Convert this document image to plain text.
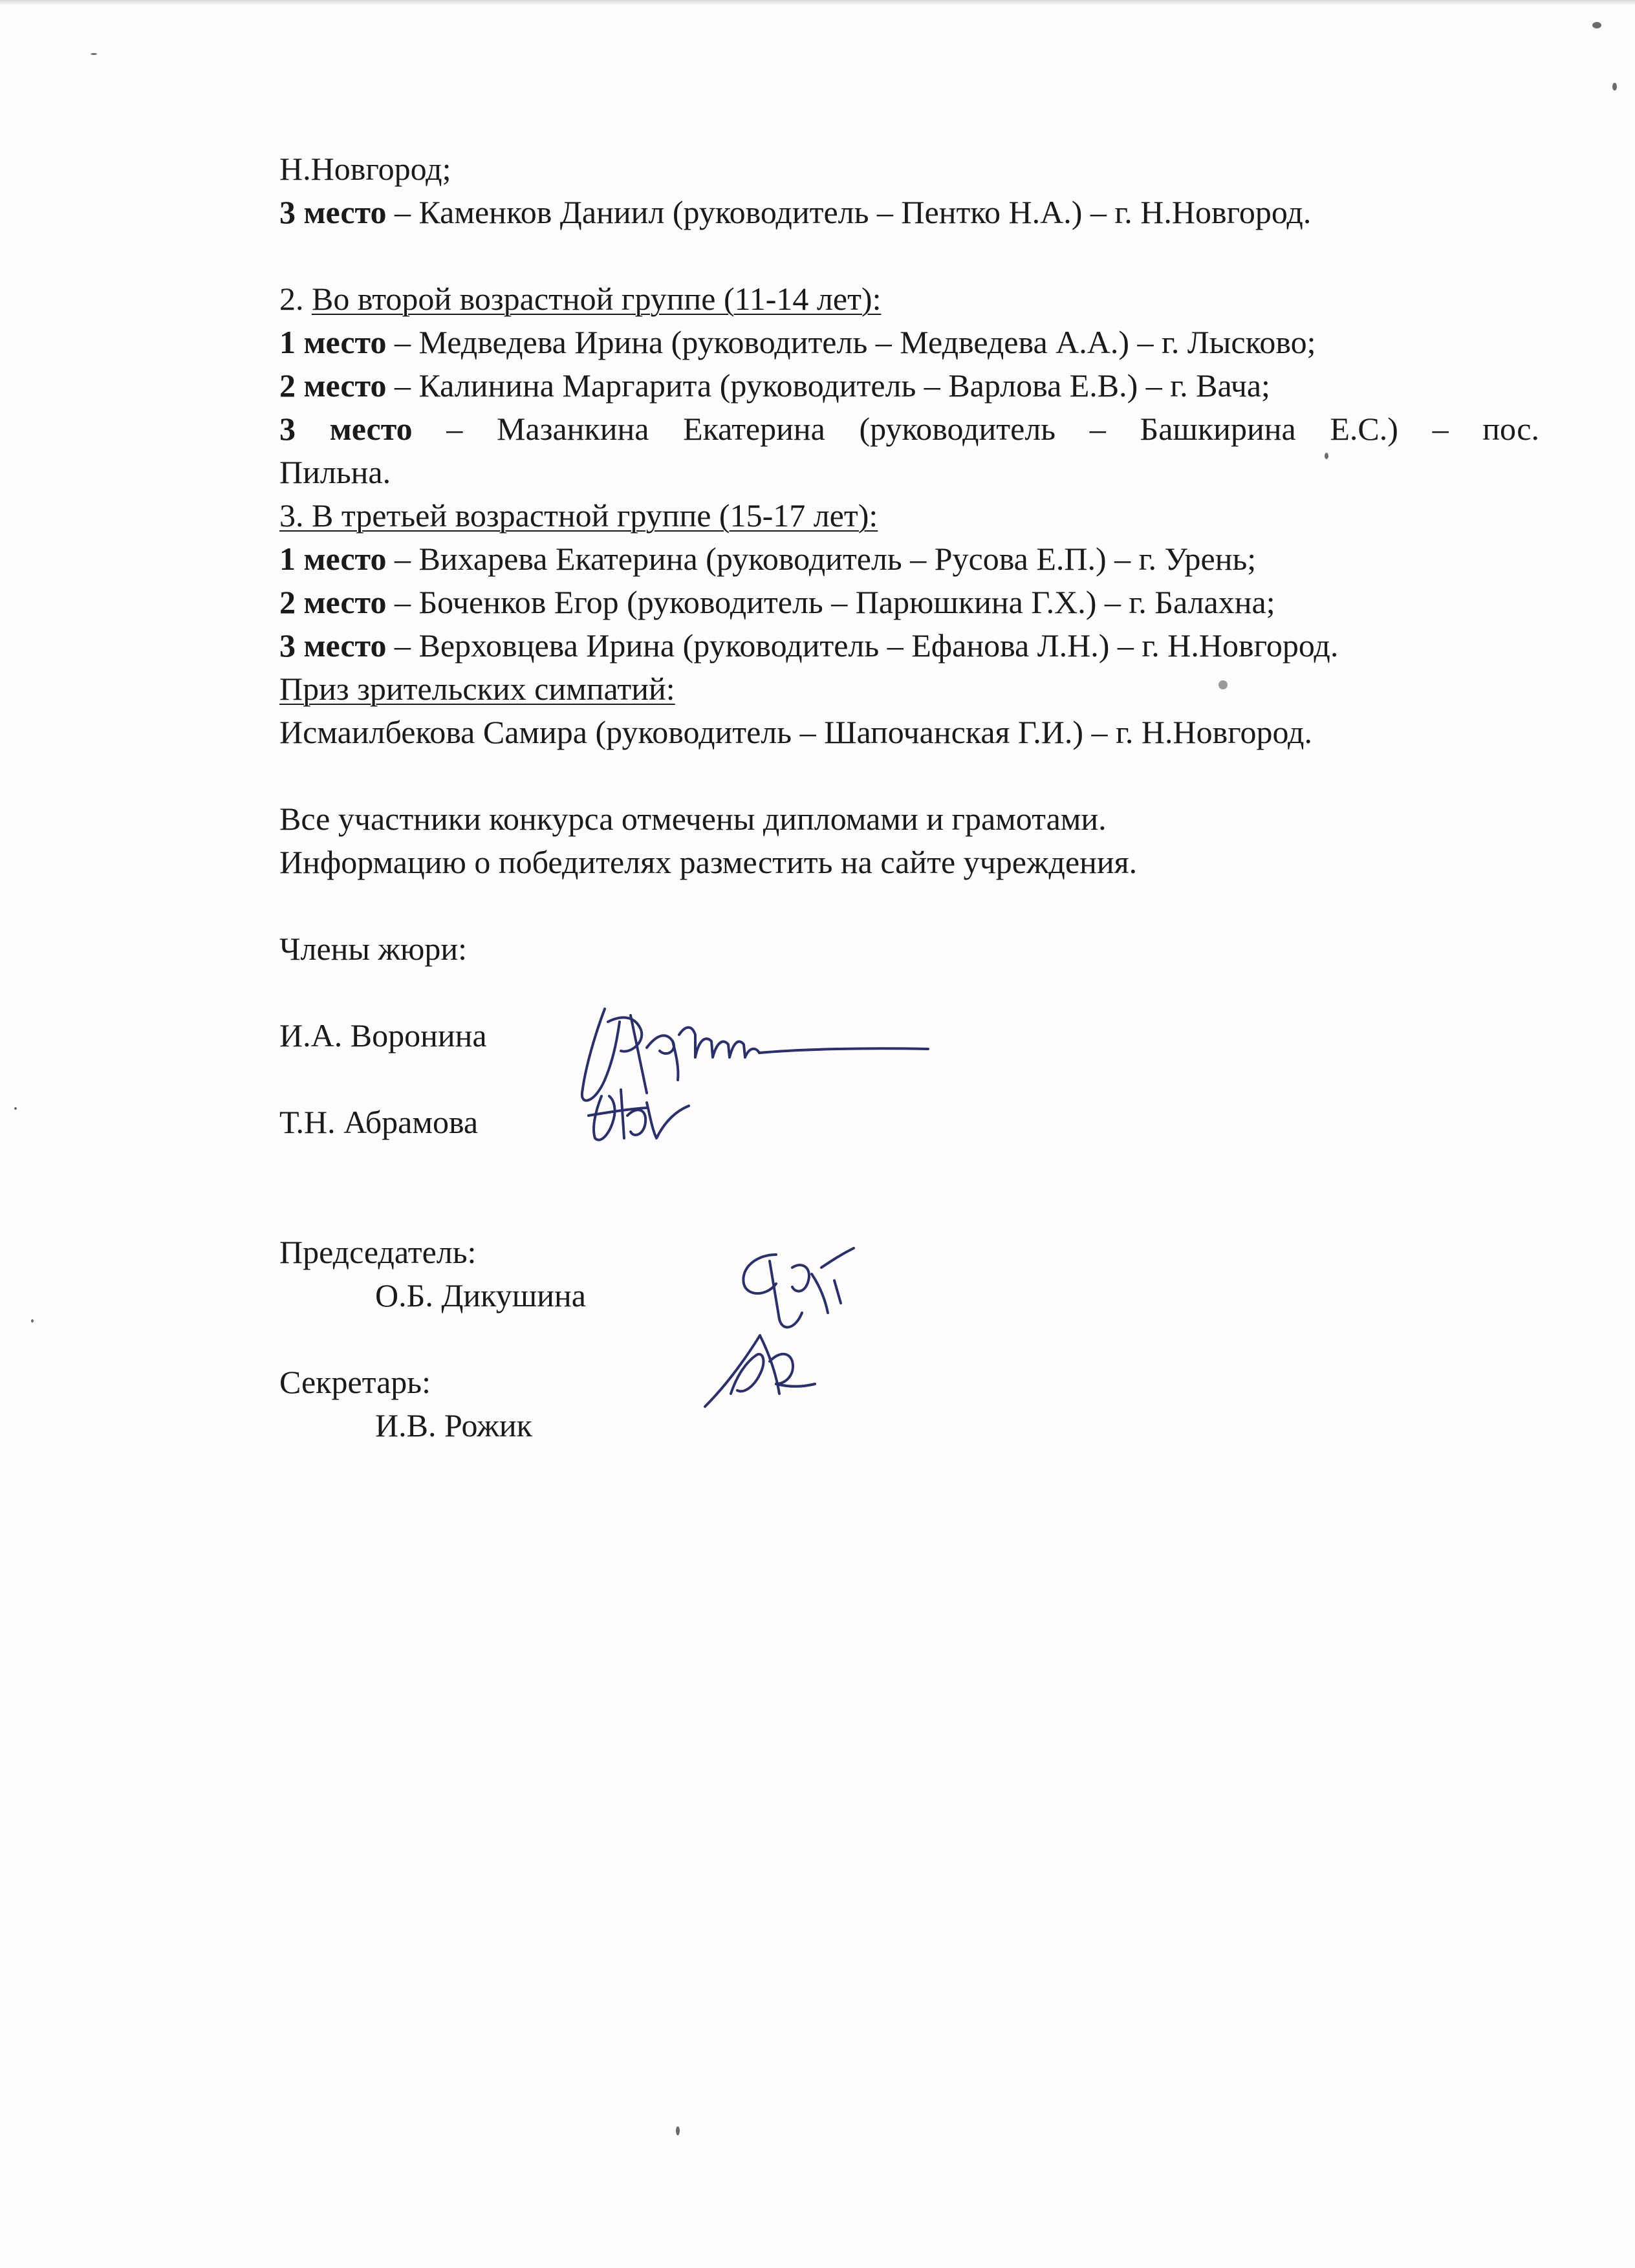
Н.Новгород;
3 место – Каменков Даниил (руководитель – Пентко Н.А.) – г. Н.Новгород.
2. Во второй возрастной группе (11-14 лет):
1 место – Медведева Ирина (руководитель – Медведева А.А.) – г. Лысково;
2 место – Калинина Маргарита (руководитель – Варлова Е.В.) – г. Вача;
3 место – Мазанкина Екатерина (руководитель – Башкирина Е.С.) – пос.
Пильна.
3. В третьей возрастной группе (15-17 лет):
1 место – Вихарева Екатерина (руководитель – Русова Е.П.) – г. Урень;
2 место – Боченков Егор (руководитель – Парюшкина Г.Х.) – г. Балахна;
3 место – Верховцева Ирина (руководитель – Ефанова Л.Н.) – г. Н.Новгород.
Приз зрительских симпатий:
Исмаилбекова Самира (руководитель – Шапочанская Г.И.) – г. Н.Новгород.
Все участники конкурса отмечены дипломами и грамотами.
Информацию о победителях разместить на сайте учреждения.
Члены жюри:
И.А. Воронина
Т.Н. Абрамова
Председатель:
О.Б. Дикушина
Секретарь:
И.В. Рожик
